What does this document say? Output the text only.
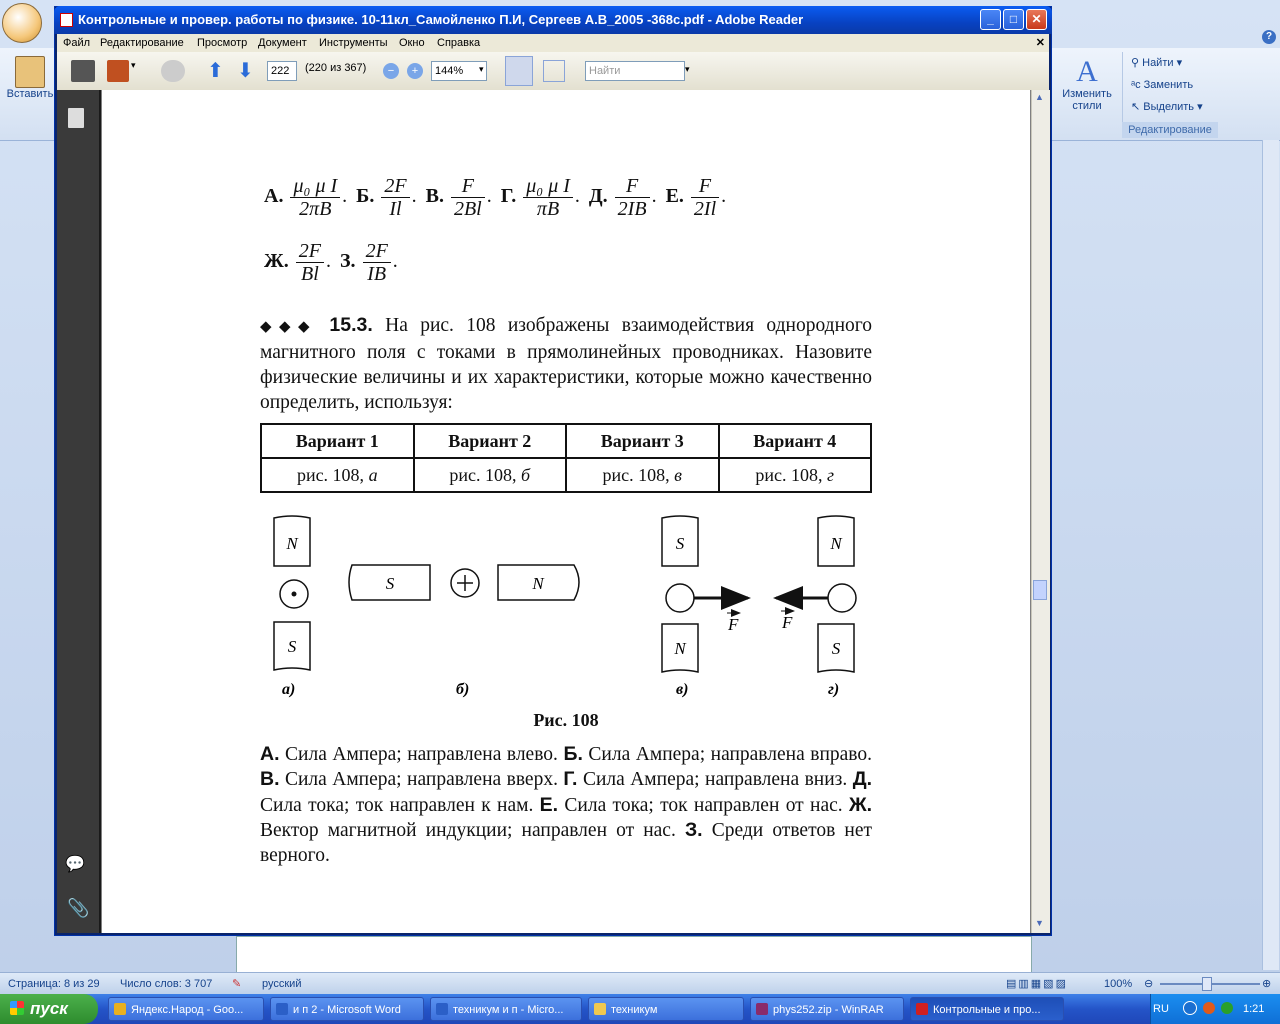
?
Вставить
A
Изменить стили
⚲ Найти ▾
ᵃc Заменить
↖ Выделить ▾
Редактирование
Страница: 8 из 29 Число слов: 3 707 ✎ русский	▤▥▦▧▨	100% ⊖	⊕
Контрольные и провер. работы по физике. 10-11кл_Самойленко П.И, Сергеев А.В_2005 -368с.pdf - Adobe Reader	_	□	✕
Файл Редактирование Просмотр Документ Инструменты Окно Справка	✕
▾	⬆ ⬇	222	(220 из 367)	−	+	144%	▾	Найти	▾
💬
📎
▲
▼
А. $\frac{\text{μ₀ μ I}}{2\pi B}$ . Б. $\frac{2F}{Il}$ . В. $\frac{F}{2Bl}$ . Г. $\frac{\text{μ₀ μ I}}{\pi B}$ . Д. $\frac{F}{2IB}$ . Е. $\frac{F}{2Il}$ .
Ж. $\frac{2F}{Bl}$ . З. $\frac{2F}{IB}$ .
◆◆◆ 15.3. На рис. 108 изображены взаимодействия однородного магнитного поля с токами в прямолинейных проводниках. Назовите физические величины и их характеристики, которые можно качественно определить, используя:
Вариант 1	Вариант 2	Вариант 3	Вариант 4
рис. 108, а	рис. 108, б	рис. 108, в	рис. 108, г
N
S
а)
S	N
б)
S
F
N
в)
N
F
S
г)
Рис. 108
А. Сила Ампера; направлена влево. Б. Сила Ампера; направлена вправо. В. Сила Ампера; направлена вверх. Г. Сила Ампера; направлена вниз. Д. Сила тока; ток направлен к нам. Е. Сила тока; ток направлен от нас. Ж. Вектор магнитной индукции; направлен от нас. З. Среди ответов нет верного.
пуск	Яндекс.Народ - Goo...	и п 2 - Microsoft Word	техникум и п - Micro...	техникум	phys252.zip - WinRAR	Контрольные и про...	RU	1:21
